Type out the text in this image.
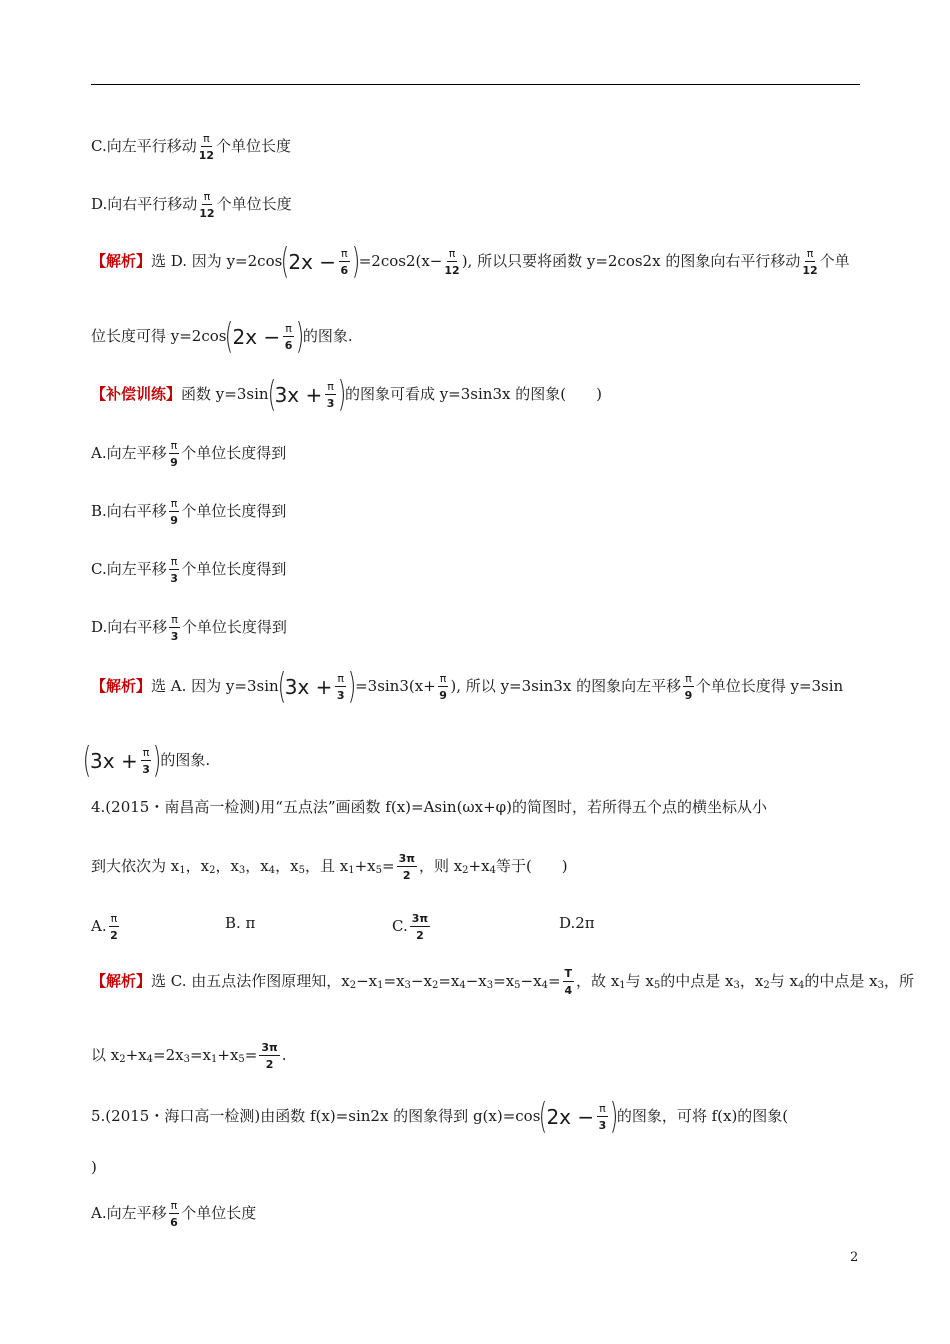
C.向左平行移动 $\frac{\pi}{12}$ 个单位长度
D.向右平行移动 $\frac{\pi}{12}$ 个单位长度
【解析】选 D. 因为 y=2cos
(
$2x - \frac{\pi}{6}$ )
$=2\cos 2(x- \frac{\pi}{12}$ ), 所以只要将函数 y=2cos2x 的图象向右平行移动 $\frac{\pi}{12}$ 个单
位长度可得 y=2cos
(
$2x - \frac{\pi}{6}$ )
的图象.
【补偿训练】函数 y=3sin
(
$3x + \frac{\pi}{3}$ )
的图象可看成 y=3sin3x 的图象(　　)
A.向左平移 $\frac{\pi}{9}$ 个单位长度得到
B.向右平移 $\frac{\pi}{9}$ 个单位长度得到
C.向左平移 $\frac{\pi}{3}$ 个单位长度得到
D.向右平移 $\frac{\pi}{3}$ 个单位长度得到
【解析】选 A. 因为 y=3sin
(
$3x + \frac{\pi}{3}$ )
$=3\sin 3(x+ \frac{\pi}{9}$ ), 所以 y=3sin3x 的图象向左平移 $\frac{\pi}{9}$ 个单位长度得 y=3sin
(
$3x + \frac{\pi}{3}$ )
的图象.
4.(2015・南昌高一检测)用“五点法”画函数 f(x)=Asin(ωx+φ)的简图时，若所得五个点的横坐标从小
到大依次为 $x_1$，$x_2$，$x_3$，$x_4$，$x_5$，且 $x_1+x_5= \frac{3\pi}{2}$ ，则 $x_2+x_4$等于(　　)
A. $\frac{\pi}{2}$	B. π	C. $\frac{3\pi}{2}$	D.2π
【解析】选 C. 由五点法作图原理知，$x_2-x_1=x_3-x_2=x_4-x_3=x_5-x_4= \frac{T}{4}$ ，故 $x_1$与 $x_5$的中点是 $x_3$，$x_2$与 $x_4$的中点是 $x_3$，所
以 $x_2+x_4=2x_3=x_1+x_5= \frac{3\pi}{2}$ .
5.(2015・海口高一检测)由函数 f(x)=sin2x 的图象得到 g(x)=cos
(
$2x - \frac{\pi}{3}$ )
的图象，可将 f(x)的图象(
)
A.向左平移 $\frac{\pi}{6}$ 个单位长度
2
